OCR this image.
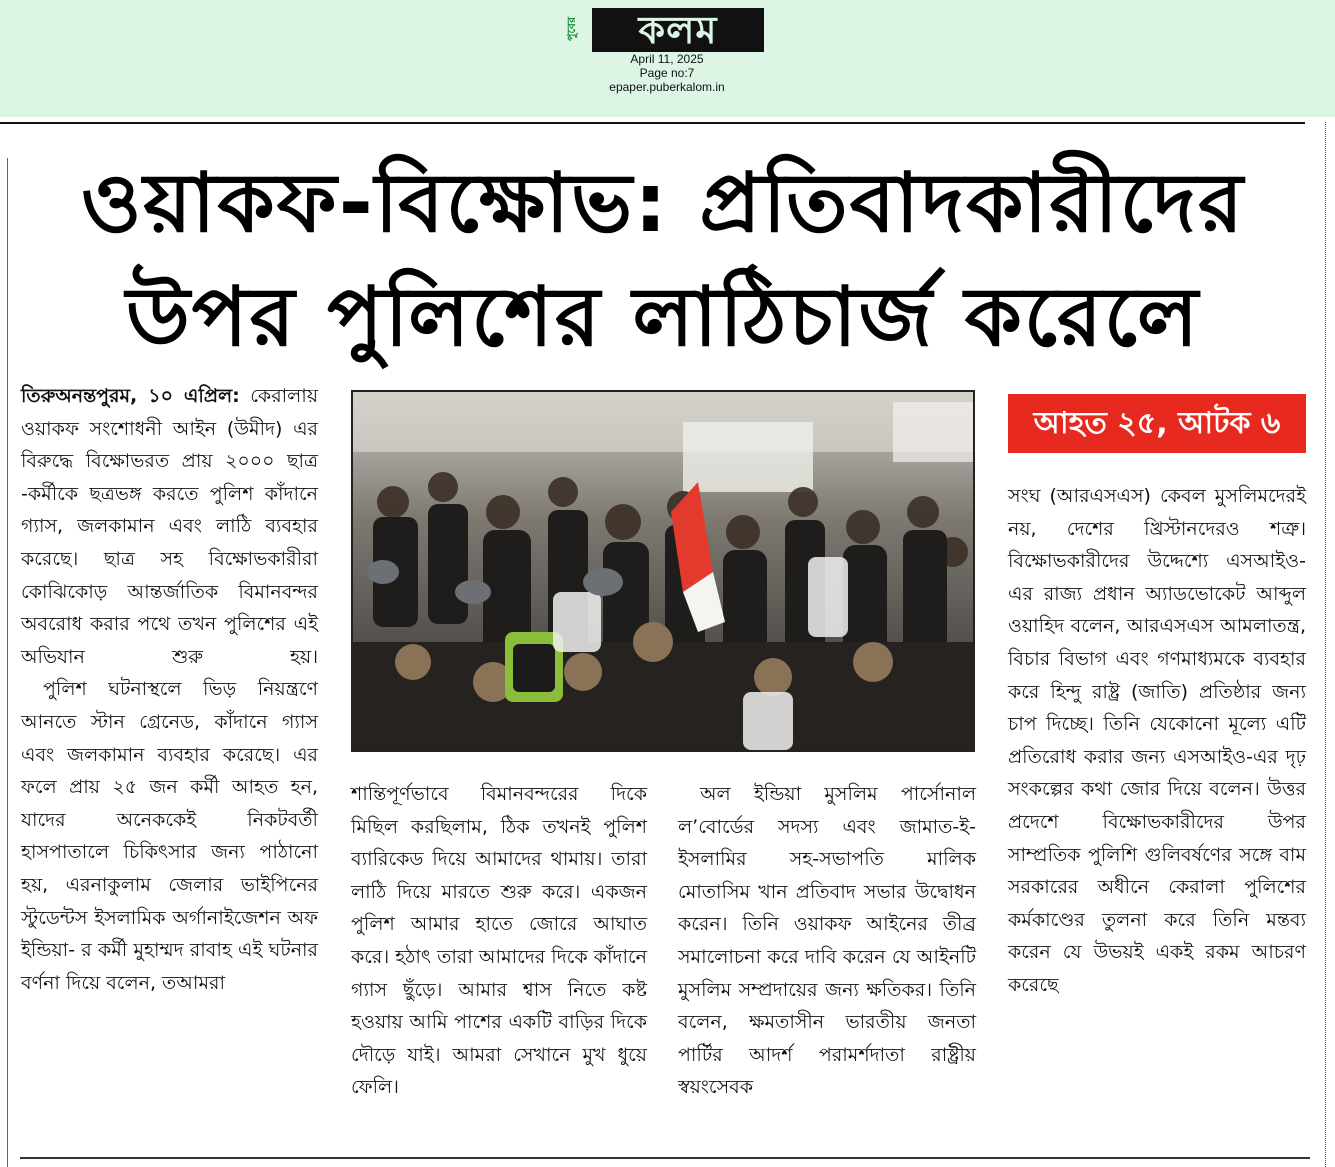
পুবের	কলম
April 11, 2025
Page no:7
epaper.puberkalom.in
ওয়াকফ-বিক্ষোভ: প্রতিবাদকারীদের
উপর পুলিশের লাঠিচার্জ করেলে

তিরুঅনন্তপুরম, ১০ এপ্রিল: কেরালায় ওয়াকফ সংশোধনী আইন (উমীদ) এর বিরুদ্ধে বিক্ষোভরত প্রায় ২০০০ ছাত্র -কর্মীকে ছত্রভঙ্গ করতে পুলিশ কাঁদানে গ্যাস, জলকামান এবং লাঠি ব্যবহার করেছে। ছাত্র সহ বিক্ষোভকারীরা কোঝিকোড় আন্তর্জাতিক বিমানবন্দর অবরোধ করার পথে তখন পুলিশের এই অভিযান শুরু হয়।

পুলিশ ঘটনাস্থলে ভিড় নিয়ন্ত্রণে আনতে স্টান গ্রেনেড, কাঁদানে গ্যাস এবং জলকামান ব্যবহার করেছে। এর ফলে প্রায় ২৫ জন কর্মী আহত হন, যাদের অনেককেই নিকটবর্তী হাসপাতালে চিকিৎসার জন্য পাঠানো হয়, এরনাকুলাম জেলার ভাইপিনের স্টুডেন্টস ইসলামিক অর্গানাইজেশন অফ ইন্ডিয়া- র কর্মী মুহাম্মদ রাবাহ এই ঘটনার বর্ণনা দিয়ে বলেন, তআমরা

আহত ২৫, আটক ৬

শান্তিপূর্ণভাবে বিমানবন্দরের দিকে মিছিল করছিলাম, ঠিক তখনই পুলিশ ব্যারিকেড দিয়ে আমাদের থামায়। তারা লাঠি দিয়ে মারতে শুরু করে। একজন পুলিশ আমার হাতে জোরে আঘাত করে। হঠাৎ তারা আমাদের দিকে কাঁদানে গ্যাস ছুঁড়ে। আমার শ্বাস নিতে কষ্ট হওয়ায় আমি পাশের একটি বাড়ির দিকে দৌড়ে যাই। আমরা সেখানে মুখ ধুয়ে ফেলি।

অল ইন্ডিয়া মুসলিম পার্সোনাল ল’বোর্ডের সদস্য এবং জামাত-ই-ইসলামির সহ-সভাপতি মালিক মোতাসিম খান প্রতিবাদ সভার উদ্বোধন করেন। তিনি ওয়াকফ আইনের তীব্র সমালোচনা করে দাবি করেন যে আইনটি মুসলিম সম্প্রদায়ের জন্য ক্ষতিকর। তিনি বলেন, ক্ষমতাসীন ভারতীয় জনতা পার্টির আদর্শ পরামর্শদাতা রাষ্ট্রীয় স্বয়ংসেবক

সংঘ (আরএসএস) কেবল মুসলিমদেরই নয়, দেশের খ্রিস্টানদেরও শত্রু। বিক্ষোভকারীদের উদ্দেশ্যে এসআইও-এর রাজ্য প্রধান অ্যাডভোকেট আব্দুল ওয়াহিদ বলেন, আরএসএস আমলাতন্ত্র, বিচার বিভাগ এবং গণমাধ্যমকে ব্যবহার করে হিন্দু রাষ্ট্র (জাতি) প্রতিষ্ঠার জন্য চাপ দিচ্ছে। তিনি যেকোনো মূল্যে এটি প্রতিরোধ করার জন্য এসআইও-এর দৃঢ় সংকল্পের কথা জোর দিয়ে বলেন। উত্তর প্রদেশে বিক্ষোভকারীদের উপর সাম্প্রতিক পুলিশি গুলিবর্ষণের সঙ্গে বাম সরকারের অধীনে কেরালা পুলিশের কর্মকাণ্ডের তুলনা করে তিনি মন্তব্য করেন যে উভয়ই একই রকম আচরণ করেছে
